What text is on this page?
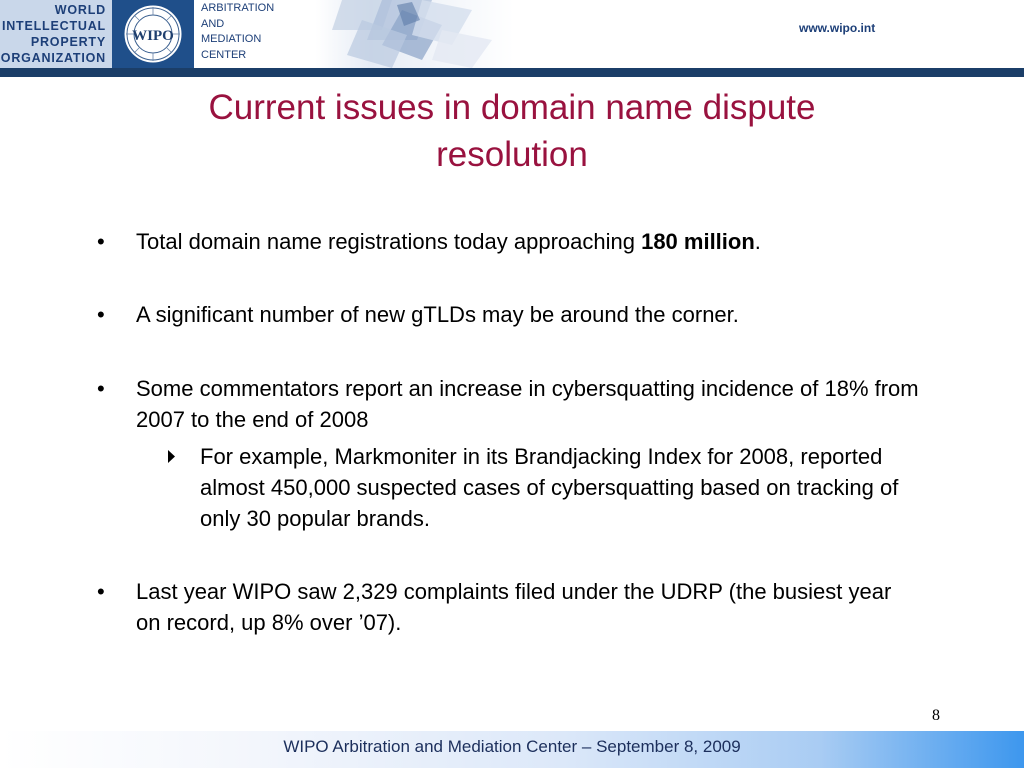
WORLD
INTELLECTUAL
PROPERTY
ORGANIZATION
WIPO
ARBITRATION
AND
MEDIATION
CENTER
www.wipo.int
Current issues in domain name dispute resolution
• Total domain name registrations today approaching 180 million.
• A significant number of new gTLDs may be around the corner.
• Some commentators report an increase in cybersquatting incidence of 18% from 2007 to the end of 2008
For example, Markmoniter in its Brandjacking Index for 2008, reported almost 450,000 suspected cases of cybersquatting based on tracking of only 30 popular brands.
• Last year WIPO saw 2,329 complaints filed under the UDRP (the busiest year on record, up 8% over ’07).
8
WIPO Arbitration and Mediation Center – September 8, 2009
